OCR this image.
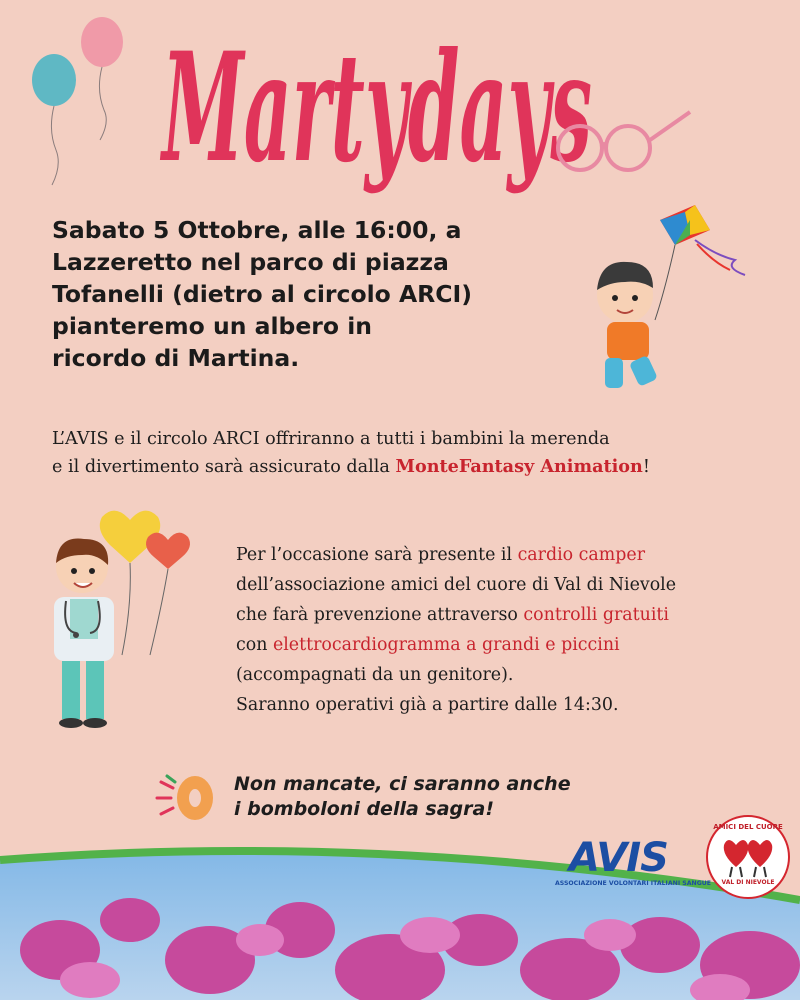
Martydays
Sabato 5 Ottobre, alle 16:00, a
Lazzeretto nel parco di piazza
Tofanelli (dietro al circolo ARCI)
pianteremo un albero in
ricordo di Martina.
L’AVIS e il circolo ARCI offriranno a tutti i bambini la merenda
e il divertimento sarà assicurato dalla MonteFantasy Animation!
Per l’occasione sarà presente il cardio camper
dell’associazione amici del cuore di Val di Nievole
che farà prevenzione attraverso controlli gratuiti
con elettrocardiogramma a grandi e piccini
(accompagnati da un genitore).
Saranno operativi già a partire dalle 14:30.
Non mancate, ci saranno anche
i bomboloni della sagra!
AVIS
ASSOCIAZIONE VOLONTARI ITALIANI SANGUE
AMICI DEL CUORE
VAL DI NIEVOLE
